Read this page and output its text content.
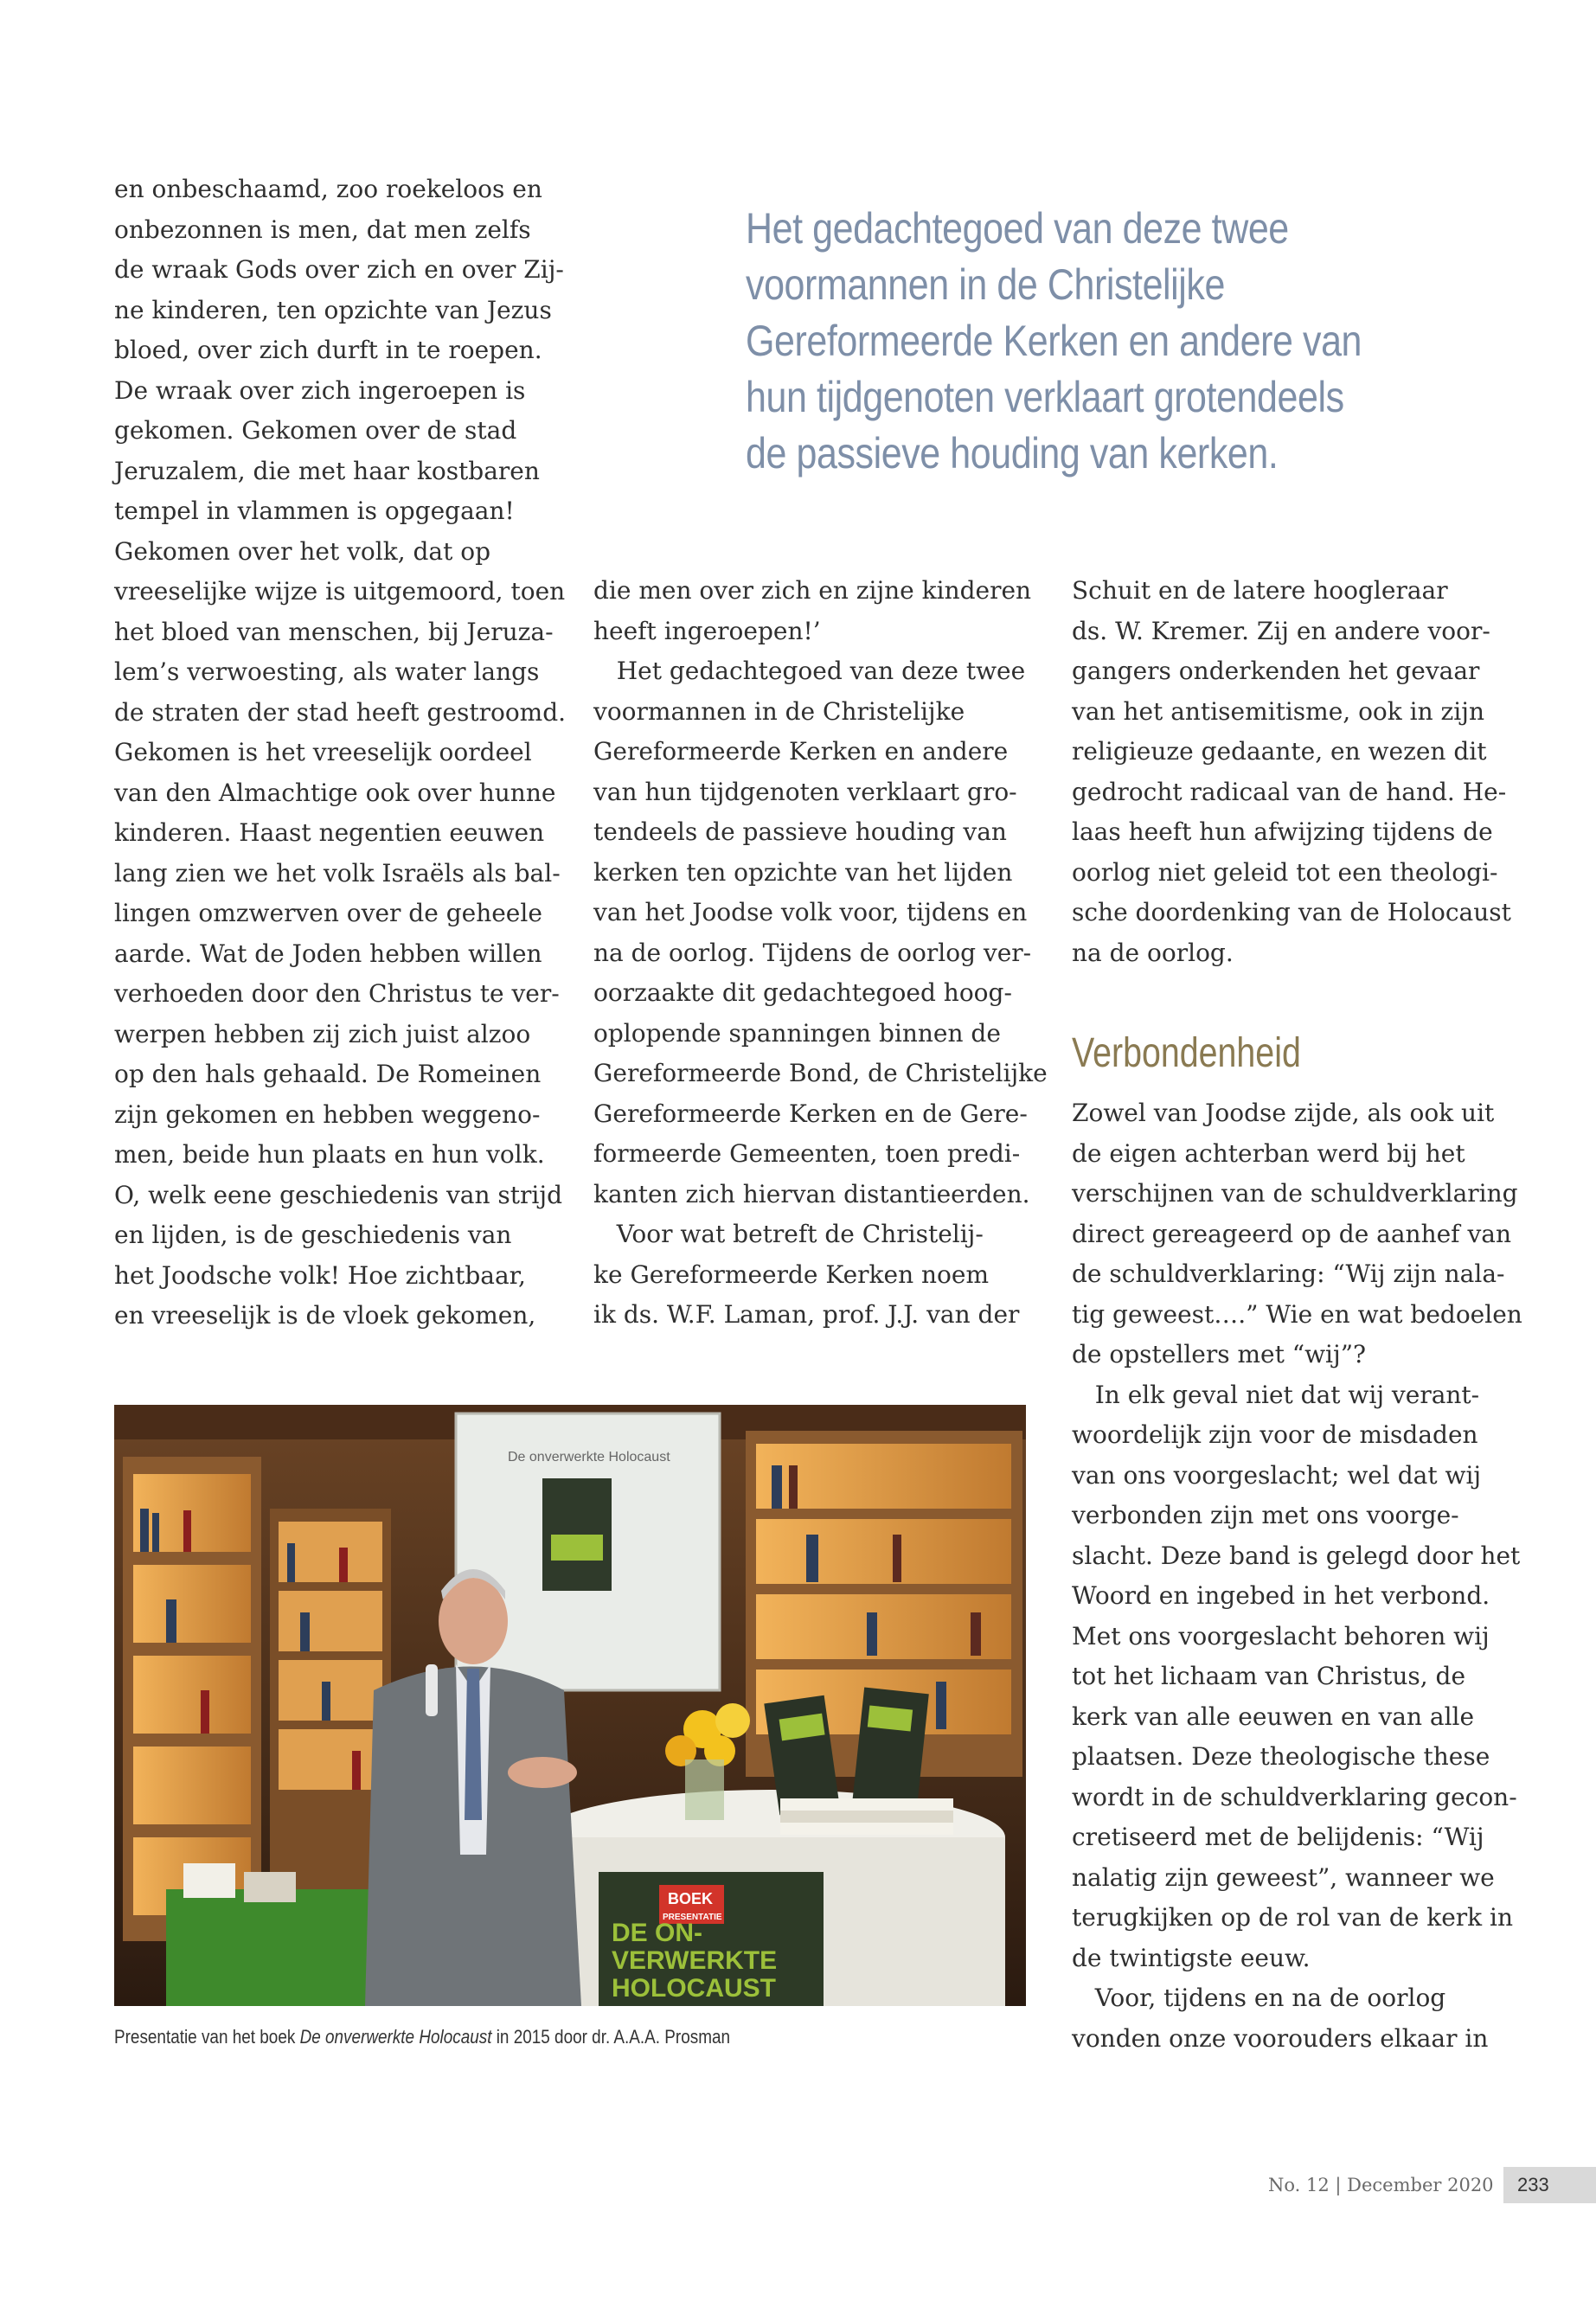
en onbeschaamd, zoo roekeloos en
onbezonnen is men, dat men zelfs
de wraak Gods over zich en over Zij-
ne kinderen, ten opzichte van Jezus
bloed, over zich durft in te roepen.
De wraak over zich ingeroepen is
gekomen. Gekomen over de stad
Jeruzalem, die met haar kostbaren
tempel in vlammen is opgegaan!
Gekomen over het volk, dat op
vreeselijke wijze is uitgemoord, toen
het bloed van menschen, bij Jeruza-
lem’s verwoesting, als water langs
de straten der stad heeft gestroomd.
Gekomen is het vreeselijk oordeel
van den Almachtige ook over hunne
kinderen. Haast negentien eeuwen
lang zien we het volk Israëls als bal-
lingen omzwerven over de geheele
aarde. Wat de Joden hebben willen
verhoeden door den Christus te ver-
werpen hebben zij zich juist alzoo
op den hals gehaald. De Romeinen
zijn gekomen en hebben weggeno-
men, beide hun plaats en hun volk.
O, welk eene geschiedenis van strijd
en lijden, is de geschiedenis van
het Joodsche volk! Hoe zichtbaar,
en vreeselijk is de vloek gekomen,
Het gedachtegoed van deze twee
voormannen in de Christelijke
Gereformeerde Kerken en andere van
hun tijdgenoten verklaart grotendeels
de passieve houding van kerken.
die men over zich en zijne kinderen
heeft ingeroepen!’
Het gedachtegoed van deze twee
voormannen in de Christelijke
Gereformeerde Kerken en andere
van hun tijdgenoten verklaart gro-
tendeels de passieve houding van
kerken ten opzichte van het lijden
van het Joodse volk voor, tijdens en
na de oorlog. Tijdens de oorlog ver-
oorzaakte dit gedachtegoed hoog-
oplopende spanningen binnen de
Gereformeerde Bond, de Christelijke
Gereformeerde Kerken en de Gere-
formeerde Gemeenten, toen predi-
kanten zich hiervan distantieerden.
Voor wat betreft de Christelij-
ke Gereformeerde Kerken noem
ik ds. W.F. Laman, prof. J.J. van der
Schuit en de latere hoogleraar
ds. W. Kremer. Zij en andere voor-
gangers onderkenden het gevaar
van het antisemitisme, ook in zijn
religieuze gedaante, en wezen dit
gedrocht radicaal van de hand. He-
laas heeft hun afwijzing tijdens de
oorlog niet geleid tot een theologi-
sche doordenking van de Holocaust
na de oorlog.
Verbondenheid
Zowel van Joodse zijde, als ook uit
de eigen achterban werd bij het
verschijnen van de schuldverklaring
direct gereageerd op de aanhef van
de schuldverklaring: “Wij zijn nala-
tig geweest….” Wie en wat bedoelen
de opstellers met “wij”?
In elk geval niet dat wij verant-
woordelijk zijn voor de misdaden
van ons voorgeslacht; wel dat wij
verbonden zijn met ons voorge-
slacht. Deze band is gelegd door het
Woord en ingebed in het verbond.
Met ons voorgeslacht behoren wij
tot het lichaam van Christus, de
kerk van alle eeuwen en van alle
plaatsen. Deze theologische these
wordt in de schuldverklaring gecon-
cretiseerd met de belijdenis: “Wij
nalatig zijn geweest”, wanneer we
terugkijken op de rol van de kerk in
de twintigste eeuw.
Voor, tijdens en na de oorlog
vonden onze voorouders elkaar in
De onverwerkte Holocaust
BOEK
PRESENTATIE
DE ON-
VERWERKTE
HOLOCAUST
Presentatie van het boek De onverwerkte Holocaust in 2015 door dr. A.A.A. Prosman
No. 12 | December 2020	233
